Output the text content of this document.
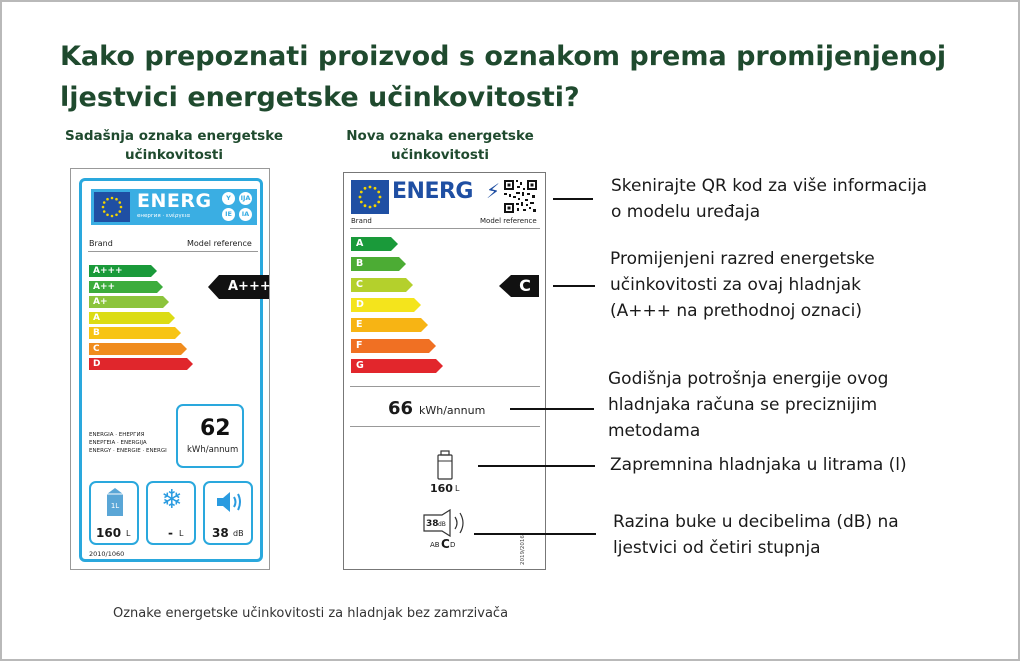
Kako prepoznati proizvod s oznakom prema promijenjenoj ljestvici energetske učinkovitosti?
Sadašnja oznaka energetske
učinkovitosti
ENERG
енергия · ενέργεια
Y	IJA
IE	IA
Brand	Model reference
A+++
A++
A+
A
B
C
D
A+++
ENERGIA · ЕНЕРГИЯ
ΕΝΕΡΓΕΙΑ · ENERGIJA
ENERGY · ENERGIE · ENERGI
62
kWh/annum
1L
160 L
❄
- L 38 dB
2010/1060
Nova oznaka energetske
učinkovitosti
ENERG ⚡
Brand	Model reference
A
B
C
D
E
F
G
C
66 kWh/annum
160 L
38 dB
AB C D	2019/2016
Skenirajte QR kod za više informacija
o modelu uređaja
Promijenjeni razred energetske
učinkovitosti za ovaj hladnjak
(A+++ na prethodnoj oznaci)
Godišnja potrošnja energije ovog
hladnjaka računa se preciznijim
metodama
Zapremnina hladnjaka u litrama (l)
Razina buke u decibelima (dB) na
ljestvici od četiri stupnja
Oznake energetske učinkovitosti za hladnjak bez zamrzivača
